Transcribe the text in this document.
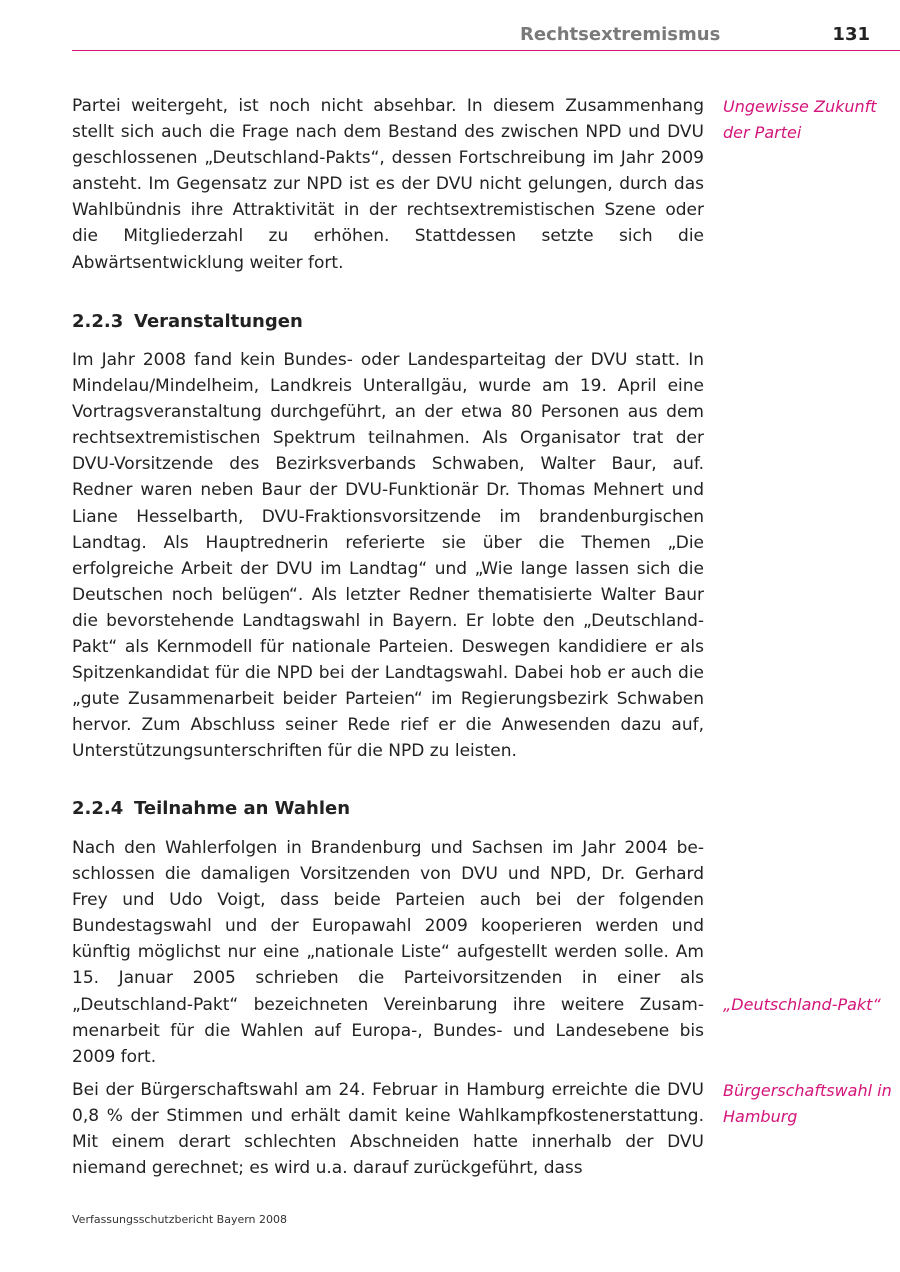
Rechtsextremismus	131

Partei weitergeht, ist noch nicht absehbar. In diesem Zusammenhang stellt sich auch die Frage nach dem Bestand des zwischen NPD und DVU geschlossenen „Deutschland-Pakts“, dessen Fortschreibung im Jahr 2009 ansteht. Im Gegensatz zur NPD ist es der DVU nicht gelungen, durch das Wahlbündnis ihre Attraktivität in der rechtsextremistischen Szene oder die Mitgliederzahl zu erhöhen. Stattdessen setzte sich die Abwärtsentwicklung weiter fort.

Ungewisse Zukunft der Partei

2.2.3 Veranstaltungen

Im Jahr 2008 fand kein Bundes- oder Landesparteitag der DVU statt. In Mindelau/Mindelheim, Landkreis Unterallgäu, wurde am 19. April eine Vortragsveranstaltung durchgeführt, an der etwa 80 Personen aus dem rechtsextremistischen Spektrum teilnahmen. Als Organisator trat der DVU-Vorsitzende des Bezirksverbands Schwaben, Walter Baur, auf. Redner waren neben Baur der DVU-Funktionär Dr. Thomas Mehnert und Liane Hesselbarth, DVU-Fraktionsvorsitzende im brandenburgischen Landtag. Als Hauptrednerin referierte sie über die Themen „Die erfolgreiche Arbeit der DVU im Landtag“ und „Wie lange lassen sich die Deutschen noch belügen“. Als letzter Redner thematisierte Walter Baur die bevorstehende Landtagswahl in Bayern. Er lobte den „Deutschland-Pakt“ als Kernmodell für nationale Parteien. Deswegen kandidiere er als Spitzenkandidat für die NPD bei der Landtagswahl. Dabei hob er auch die „gute Zusammenarbeit beider Parteien“ im Regierungsbezirk Schwaben hervor. Zum Abschluss seiner Rede rief er die Anwesenden dazu auf, Unterstützungsunterschriften für die NPD zu leisten.

2.2.4 Teilnahme an Wahlen

Nach den Wahlerfolgen in Brandenburg und Sachsen im Jahr 2004 beschlossen die damaligen Vorsitzenden von DVU und NPD, Dr. Gerhard Frey und Udo Voigt, dass beide Parteien auch bei der folgenden Bundestagswahl und der Europawahl 2009 kooperieren werden und künftig möglichst nur eine „nationale Liste“ aufgestellt werden solle. Am 15. Januar 2005 schrieben die Parteivorsitzenden in einer als „Deutschland-Pakt“ bezeichneten Vereinbarung ihre weitere Zusammenarbeit für die Wahlen auf Europa-, Bundes- und Landesebene bis 2009 fort.

„Deutschland-Pakt“

Bei der Bürgerschaftswahl am 24. Februar in Hamburg erreichte die DVU 0,8 % der Stimmen und erhält damit keine Wahlkampfkostenerstattung. Mit einem derart schlechten Abschneiden hatte innerhalb der DVU niemand gerechnet; es wird u.a. darauf zurückgeführt, dass

Bürgerschaftswahl in Hamburg

Verfassungsschutzbericht Bayern 2008
